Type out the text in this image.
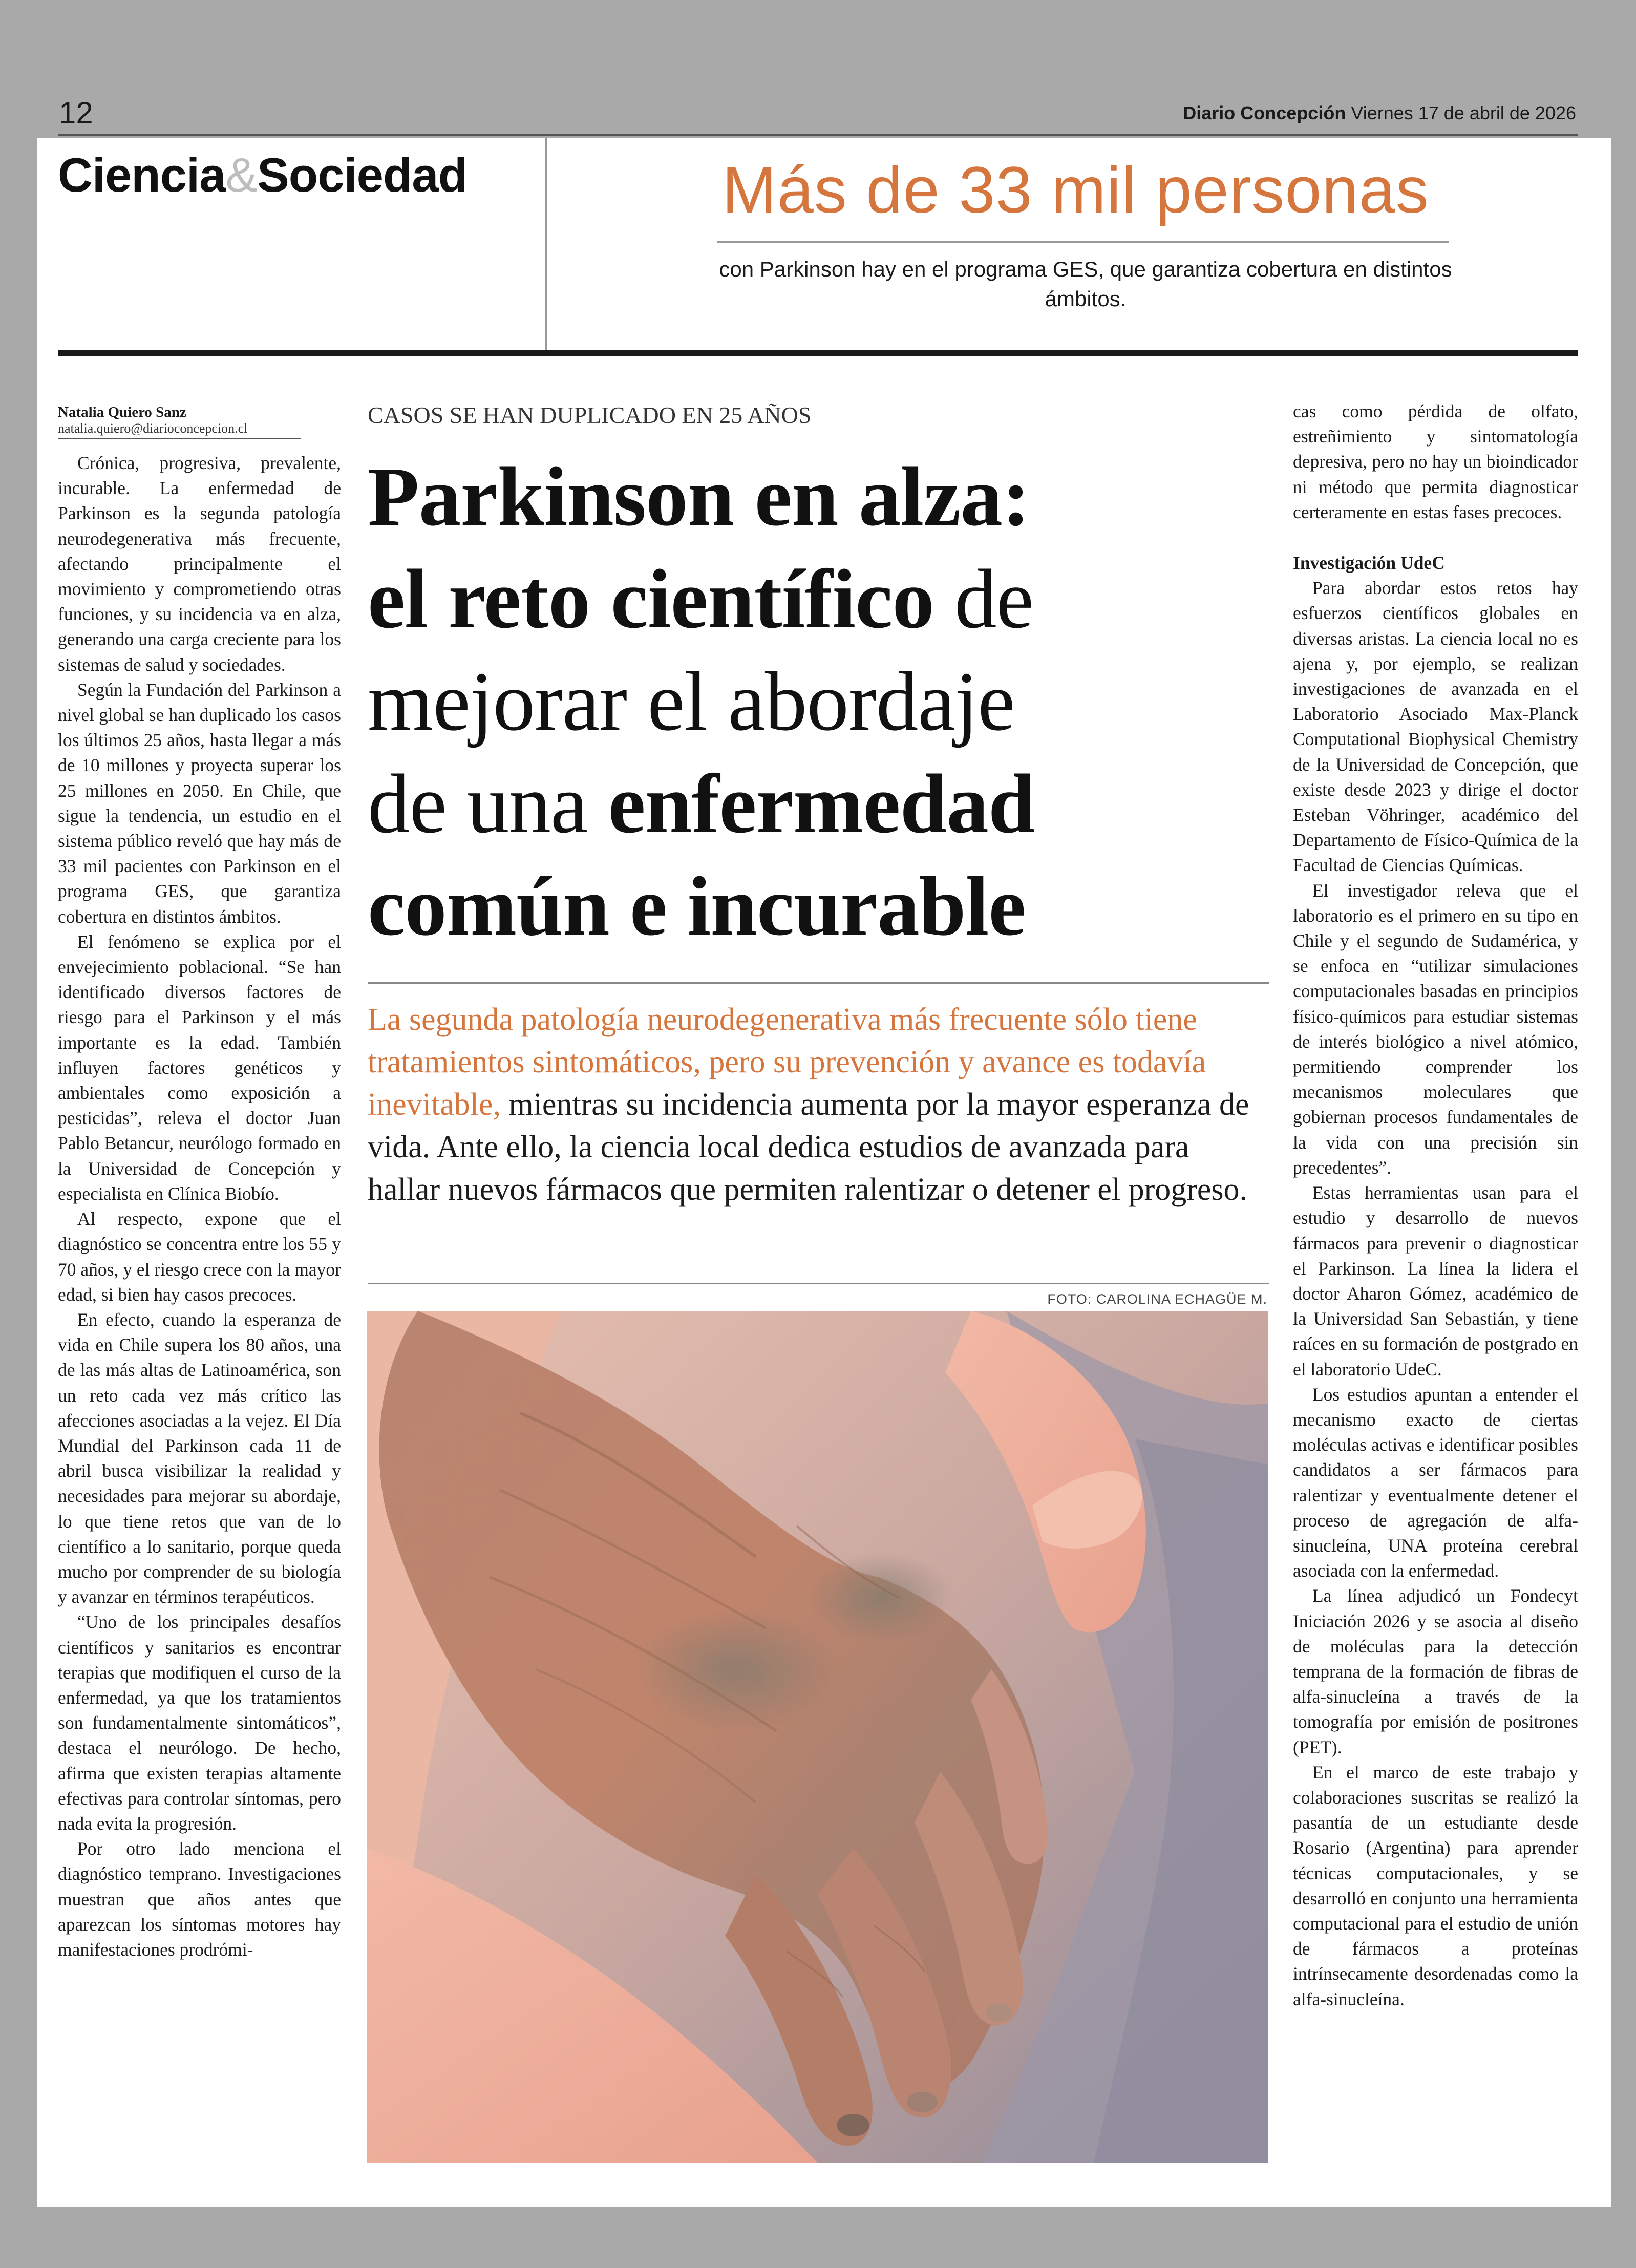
12	Diario Concepción Viernes 17 de abril de 2026
Ciencia&Sociedad	Más de 33 mil personas
con Parkinson hay en el programa GES, que garantiza cobertura en distintos ámbitos.
Natalia Quiero Sanz
natalia.quiero@diarioconcepcion.cl

Crónica, progresiva, prevalente, incurable. La enfermedad de Parkinson es la segunda patología neurodegenerativa más frecuente, afectando principalmente el movimiento y comprometiendo otras funciones, y su incidencia va en alza, generando una carga creciente para los sistemas de salud y sociedades.

Según la Fundación del Parkinson a nivel global se han duplicado los casos los últimos 25 años, hasta llegar a más de 10 millones y proyecta superar los 25 millones en 2050. En Chile, que sigue la tendencia, un estudio en el sistema público reveló que hay más de 33 mil pacientes con Parkinson en el programa GES, que garantiza cobertura en distintos ámbitos.

El fenómeno se explica por el envejecimiento poblacional. “Se han identificado diversos factores de riesgo para el Parkinson y el más importante es la edad. También influyen factores genéticos y ambientales como exposición a pesticidas”, releva el doctor Juan Pablo Betancur, neurólogo formado en la Universidad de Concepción y especialista en Clínica Biobío.

Al respecto, expone que el diagnóstico se concentra entre los 55 y 70 años, y el riesgo crece con la mayor edad, si bien hay casos precoces.

En efecto, cuando la esperanza de vida en Chile supera los 80 años, una de las más altas de Latinoamérica, son un reto cada vez más crítico las afecciones asociadas a la vejez. El Día Mundial del Parkinson cada 11 de abril busca visibilizar la realidad y necesidades para mejorar su abordaje, lo que tiene retos que van de lo científico a lo sanitario, porque queda mucho por comprender de su biología y avanzar en términos terapéuticos.

“Uno de los principales desafíos científicos y sanitarios es encontrar terapias que modifiquen el curso de la enfermedad, ya que los tratamientos son fundamentalmente sintomáticos”, destaca el neurólogo. De hecho, afirma que existen terapias altamente efectivas para controlar síntomas, pero nada evita la progresión.

Por otro lado menciona el diagnóstico temprano. Investigaciones muestran que años antes que aparezcan los síntomas motores hay manifestaciones prodrómi-

CASOS SE HAN DUPLICADO EN 25 AÑOS
Parkinson en alza:
el reto científico de
mejorar el abordaje
de una enfermedad
común e incurable
La segunda patología neurodegenerativa más frecuente sólo tiene tratamientos sintomáticos, pero su prevención y avance es todavía inevitable, mientras su incidencia aumenta por la mayor esperanza de vida. Ante ello, la ciencia local dedica estudios de avanzada para hallar nuevos fármacos que permiten ralentizar o detener el progreso.
FOTO: CAROLINA ECHAGÜE M.

cas como pérdida de olfato, estreñimiento y sintomatología depresiva, pero no hay un bioindicador ni método que permita diagnosticar certeramente en estas fases precoces.

Investigación UdeC

Para abordar estos retos hay esfuerzos científicos globales en diversas aristas. La ciencia local no es ajena y, por ejemplo, se realizan investigaciones de avanzada en el Laboratorio Asociado Max-Planck Computational Biophysical Chemistry de la Universidad de Concepción, que existe desde 2023 y dirige el doctor Esteban Vöhringer, académico del Departamento de Físico-Química de la Facultad de Ciencias Químicas.

El investigador releva que el laboratorio es el primero en su tipo en Chile y el segundo de Sudamérica, y se enfoca en “utilizar simulaciones computacionales basadas en principios físico-químicos para estudiar sistemas de interés biológico a nivel atómico, permitiendo comprender los mecanismos moleculares que gobiernan procesos fundamentales de la vida con una precisión sin precedentes”.

Estas herramientas usan para el estudio y desarrollo de nuevos fármacos para prevenir o diagnosticar el Parkinson. La línea la lidera el doctor Aharon Gómez, académico de la Universidad San Sebastián, y tiene raíces en su formación de postgrado en el laboratorio UdeC.

Los estudios apuntan a entender el mecanismo exacto de ciertas moléculas activas e identificar posibles candidatos a ser fármacos para ralentizar y eventualmente detener el proceso de agregación de alfa-sinucleína, UNA proteína cerebral asociada con la enfermedad.

La línea adjudicó un Fondecyt Iniciación 2026 y se asocia al diseño de moléculas para la detección temprana de la formación de fibras de alfa-sinucleína a través de la tomografía por emisión de positrones (PET).

En el marco de este trabajo y colaboraciones suscritas se realizó la pasantía de un estudiante desde Rosario (Argentina) para aprender técnicas computacionales, y se desarrolló en conjunto una herramienta computacional para el estudio de unión de fármacos a proteínas intrínsecamente desordenadas como la alfa-sinucleína.
